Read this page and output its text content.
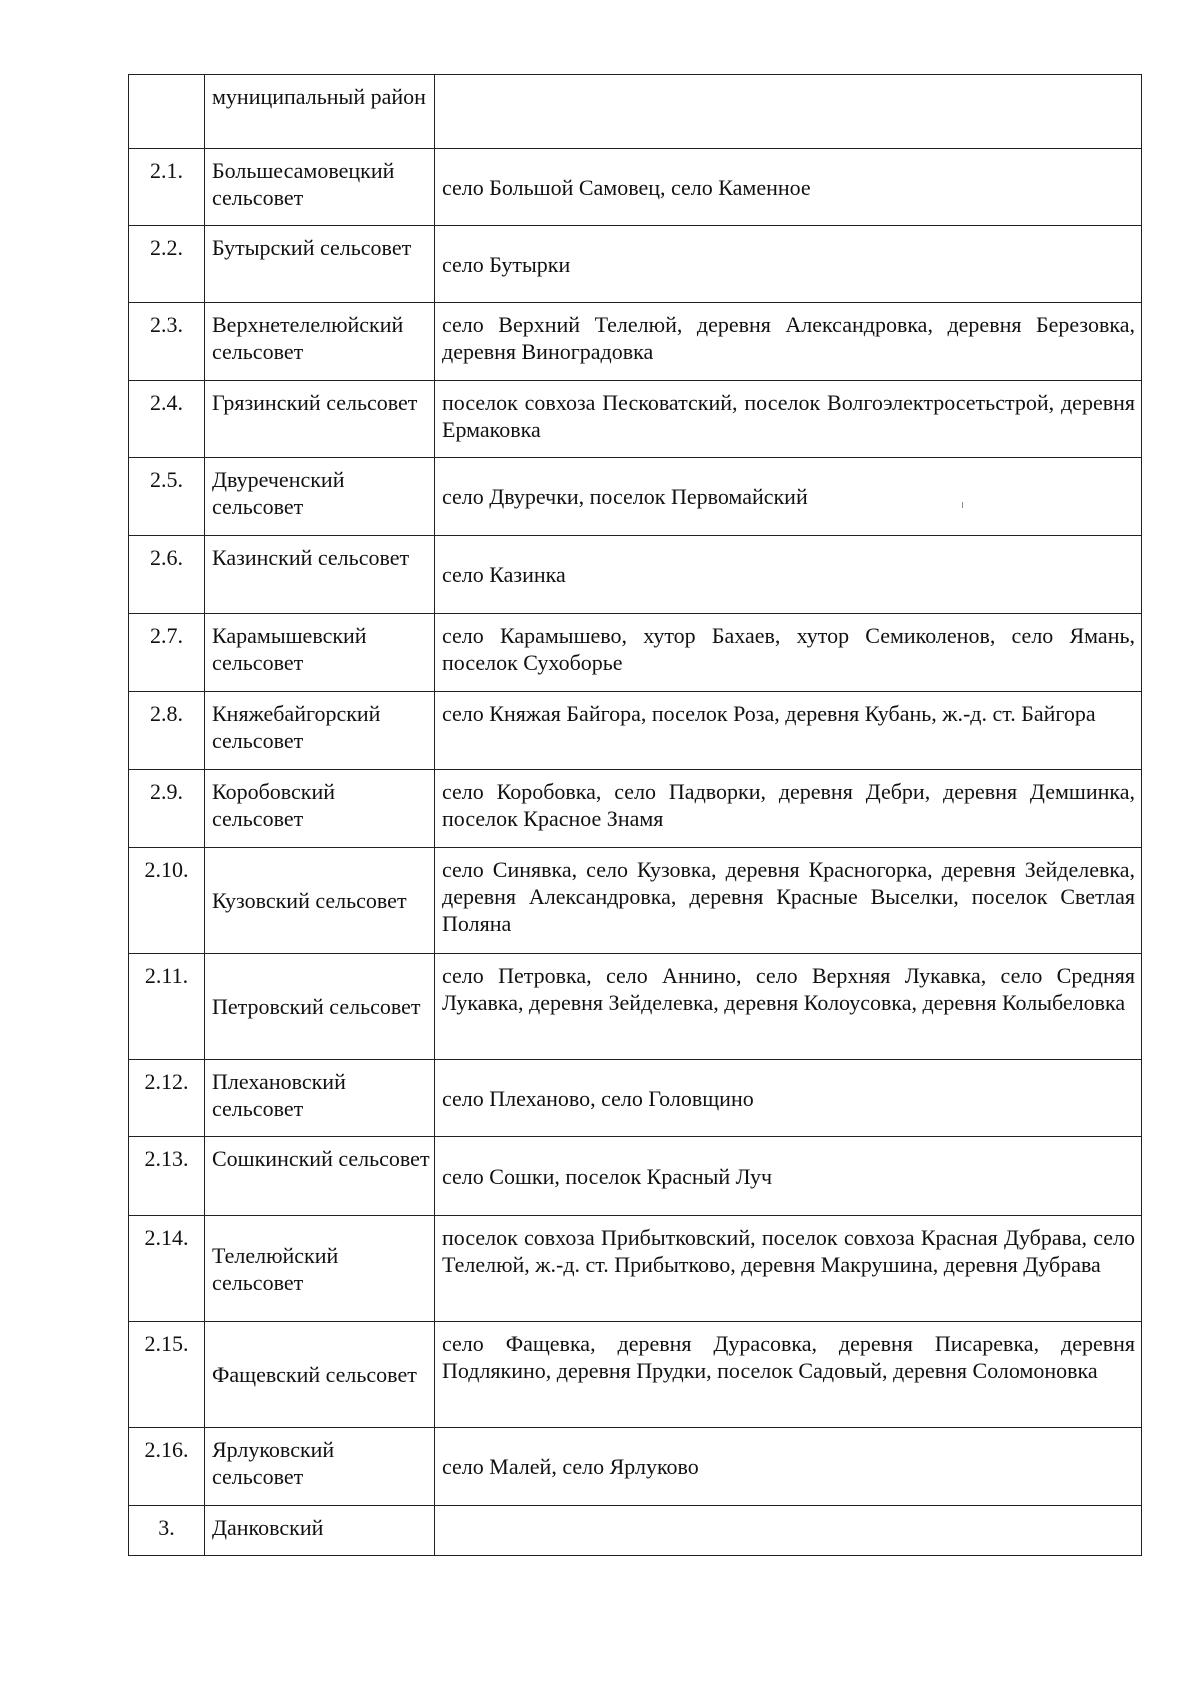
	муниципальный район	
2.1.	Большесамовецкий сельсовет	село Большой Самовец, село Каменное
2.2.	Бутырский сельсовет	село Бутырки
2.3.	Верхнетелелюйский сельсовет	село Верхний Телелюй, деревня Александровка, деревня Березовка, деревня Виноградовка
2.4.	Грязинский сельсовет	поселок совхоза Песковатский, поселок Волгоэлектросетьстрой, деревня Ермаковка
2.5.	Двуреченский сельсовет	село Двуречки, поселок Первомайский
2.6.	Казинский сельсовет	село Казинка
2.7.	Карамышевский сельсовет	село Карамышево, хутор Бахаев, хутор Семиколенов, село Ямань, поселок Сухоборье
2.8.	Княжебайгорский сельсовет	село Княжая Байгора, поселок Роза, деревня Кубань, ж.-д. ст. Байгора
2.9.	Коробовский сельсовет	село Коробовка, село Падворки, деревня Дебри, деревня Демшинка, поселок Красное Знамя
2.10.	Кузовский сельсовет	село Синявка, село Кузовка, деревня Красногорка, деревня Зейделевка, деревня Александровка, деревня Красные Выселки, поселок Светлая Поляна
2.11.	Петровский сельсовет	село Петровка, село Аннино, село Верхняя Лукавка, село Средняя Лукавка, деревня Зейделевка, деревня Колоусовка, деревня Колыбеловка
2.12.	Плехановский сельсовет	село Плеханово, село Головщино
2.13.	Сошкинский сельсовет	село Сошки, поселок Красный Луч
2.14.	Телелюйский сельсовет	поселок совхоза Прибытковский, поселок совхоза Красная Дубрава, село Телелюй, ж.-д. ст. Прибытково, деревня Макрушина, деревня Дубрава
2.15.	Фащевский сельсовет	село Фащевка, деревня Дурасовка, деревня Писаревка, деревня Подлякино, деревня Прудки, поселок Садовый, деревня Соломоновка
2.16.	Ярлуковский сельсовет	село Малей, село Ярлуково
3.	Данковский	
